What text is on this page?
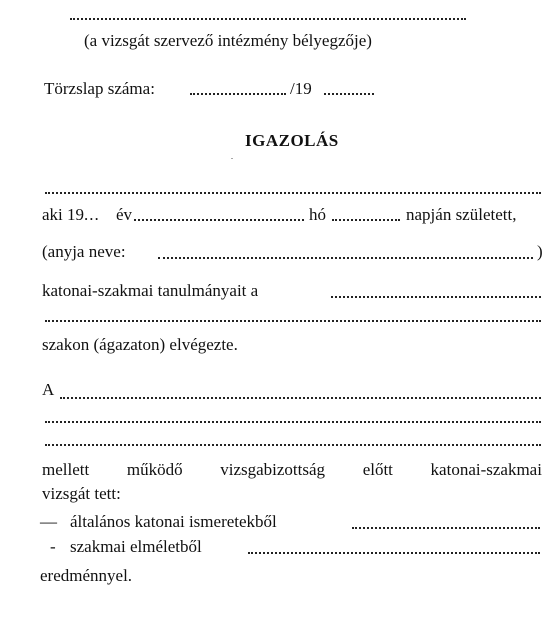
(a vizsgát szervező intézmény bélyegzője)
Törzslap száma:	/19
IGAZOLÁS
.
aki 19... év	hó	napján született,
(anyja neve:	)
katonai-szakmai tanulmányait a
szakon (ágazaton) elvégezte.
A
mellett működő vizsgabizottság előtt katonai-szakmai
vizsgát tett:
— általános katonai ismeretekből
- szakmai elméletből
eredménnyel.
